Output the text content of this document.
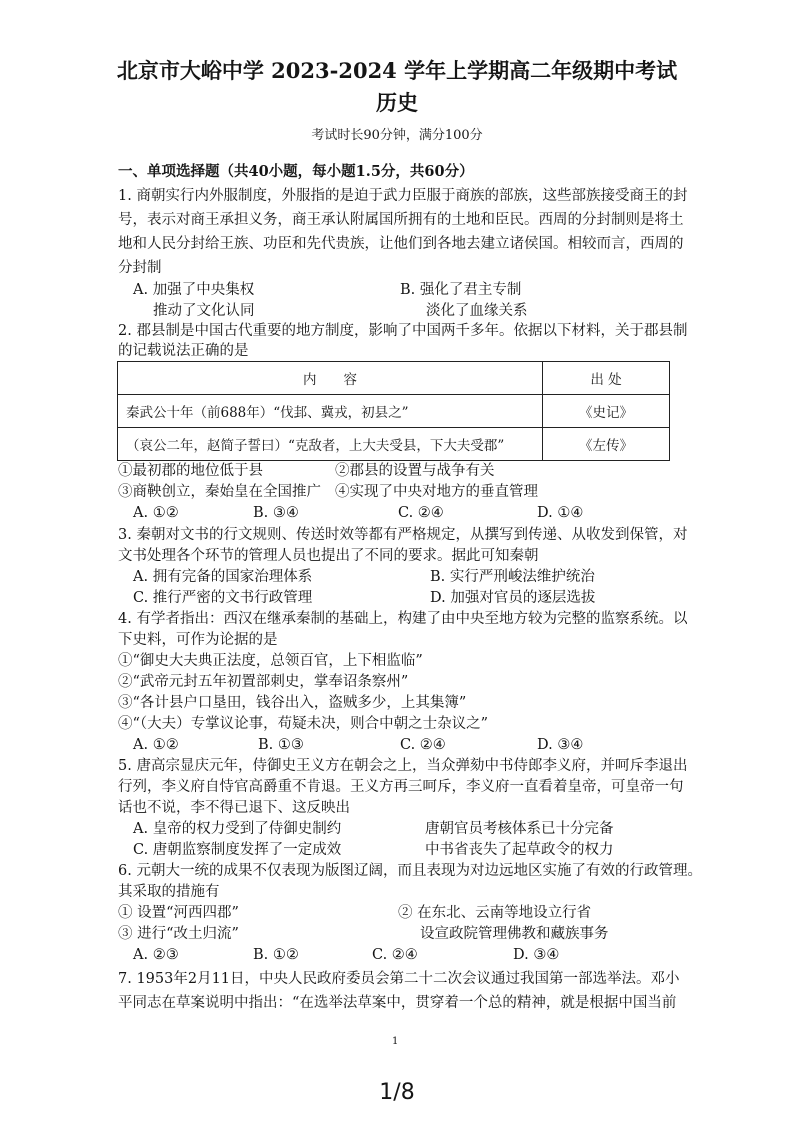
北京市大峪中学 2023-2024 学年上学期高二年级期中考试
历史
考试时长90分钟，满分100分
一、单项选择题（共40小题，每小题1.5分，共60分）
1. 商朝实行内外服制度，外服指的是迫于武力臣服于商族的部族，这些部族接受商王的封
号，表示对商王承担义务，商王承认附属国所拥有的土地和臣民。西周的分封制则是将土
地和人民分封给王族、功臣和先代贵族，让他们到各地去建立诸侯国。相较而言，西周的
分封制
A. 加强了中央集权	B. 强化了君主专制
推动了文化认同	淡化了血缘关系
2. 郡县制是中国古代重要的地方制度，影响了中国两千多年。依据以下材料，关于郡县制
的记载说法正确的是
内　　容	出 处
秦武公十年（前688年）“伐邽、冀戎，初县之”	《史记》
（哀公二年，赵简子誓曰）“克敌者，上大夫受县，下大夫受郡”	《左传》
①最初郡的地位低于县	②郡县的设置与战争有关
③商鞅创立，秦始皇在全国推广 ④实现了中央对地方的垂直管理
A. ①②	B. ③④	C. ②④	D. ①④
3. 秦朝对文书的行文规则、传送时效等都有严格规定，从撰写到传递、从收发到保管，对
文书处理各个环节的管理人员也提出了不同的要求。据此可知秦朝
A. 拥有完备的国家治理体系	B. 实行严刑峻法维护统治
C. 推行严密的文书行政管理	D. 加强对官员的逐层选拔
4. 有学者指出：西汉在继承秦制的基础上，构建了由中央至地方较为完整的监察系统。以
下史料，可作为论据的是
①“御史大夫典正法度，总领百官，上下相监临”
②“武帝元封五年初置部刺史，掌奉诏条察州”
③“各计县户口垦田，钱谷出入，盗贼多少，上其集簿”
④“（大夫）专掌议论事，苟疑未决，则合中朝之士杂议之”
A. ①②	B. ①③	C. ②④	D. ③④
5. 唐高宗显庆元年，侍御史王义方在朝会之上，当众弹劾中书侍郎李义府，并呵斥李退出
行列，李义府自恃官高爵重不肯退。王义方再三呵斥，李义府一直看着皇帝，可皇帝一句
话也不说，李不得已退下、这反映出
A. 皇帝的权力受到了侍御史制约	唐朝官员考核体系已十分完备
C. 唐朝监察制度发挥了一定成效	中书省丧失了起草政令的权力
6. 元朝大一统的成果不仅表现为版图辽阔，而且表现为对边远地区实施了有效的行政管理。
其采取的措施有
① 设置“河西四郡”	② 在东北、云南等地设立行省
③ 进行“改土归流”	设宣政院管理佛教和藏族事务
A. ②③	B. ①②	C. ②④	D. ③④
7. 1953年2月11日，中央人民政府委员会第二十二次会议通过我国第一部选举法。邓小
平同志在草案说明中指出：“在选举法草案中，贯穿着一个总的精神，就是根据中国当前
1
1/8
